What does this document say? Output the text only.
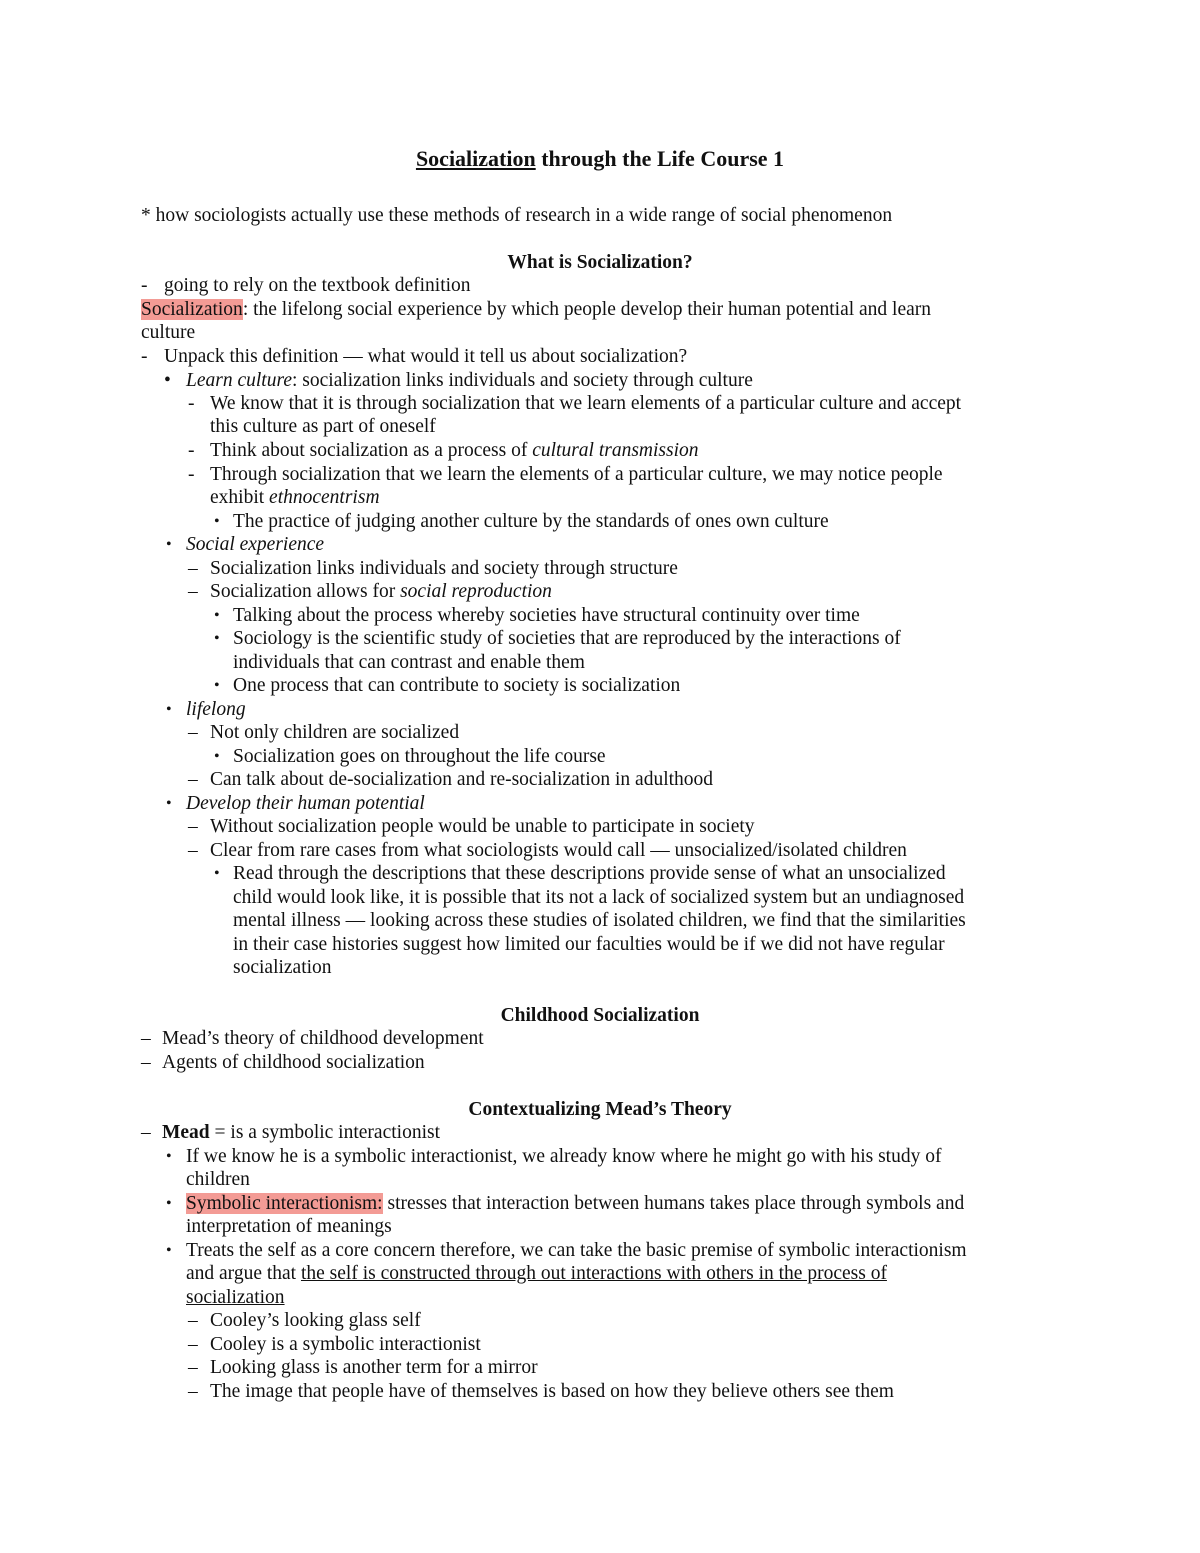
Socialization through the Life Course 1
* how sociologists actually use these methods of research in a wide range of social phenomenon
What is Socialization?
- going to rely on the textbook definition
Socialization: the lifelong social experience by which people develop their human potential and learn
culture
- Unpack this definition — what would it tell us about socialization?
• Learn culture: socialization links individuals and society through culture
- We know that it is through socialization that we learn elements of a particular culture and accept
this culture as part of oneself
- Think about socialization as a process of cultural transmission
- Through socialization that we learn the elements of a particular culture, we may notice people
exhibit ethnocentrism
• The practice of judging another culture by the standards of ones own culture
• Social experience
– Socialization links individuals and society through structure
– Socialization allows for social reproduction
• Talking about the process whereby societies have structural continuity over time
• Sociology is the scientific study of societies that are reproduced by the interactions of
individuals that can contrast and enable them
• One process that can contribute to society is socialization
• lifelong
– Not only children are socialized
• Socialization goes on throughout the life course
– Can talk about de-socialization and re-socialization in adulthood
• Develop their human potential
– Without socialization people would be unable to participate in society
– Clear from rare cases from what sociologists would call — unsocialized/isolated children
• Read through the descriptions that these descriptions provide sense of what an unsocialized
child would look like, it is possible that its not a lack of socialized system but an undiagnosed
mental illness — looking across these studies of isolated children, we find that the similarities
in their case histories suggest how limited our faculties would be if we did not have regular
socialization
Childhood Socialization
– Mead’s theory of childhood development
– Agents of childhood socialization
Contextualizing Mead’s Theory
– Mead = is a symbolic interactionist
• If we know he is a symbolic interactionist, we already know where he might go with his study of
children
• Symbolic interactionism: stresses that interaction between humans takes place through symbols and
interpretation of meanings
• Treats the self as a core concern therefore, we can take the basic premise of symbolic interactionism
and argue that the self is constructed through out interactions with others in the process of
socialization
– Cooley’s looking glass self
– Cooley is a symbolic interactionist
– Looking glass is another term for a mirror
– The image that people have of themselves is based on how they believe others see them
